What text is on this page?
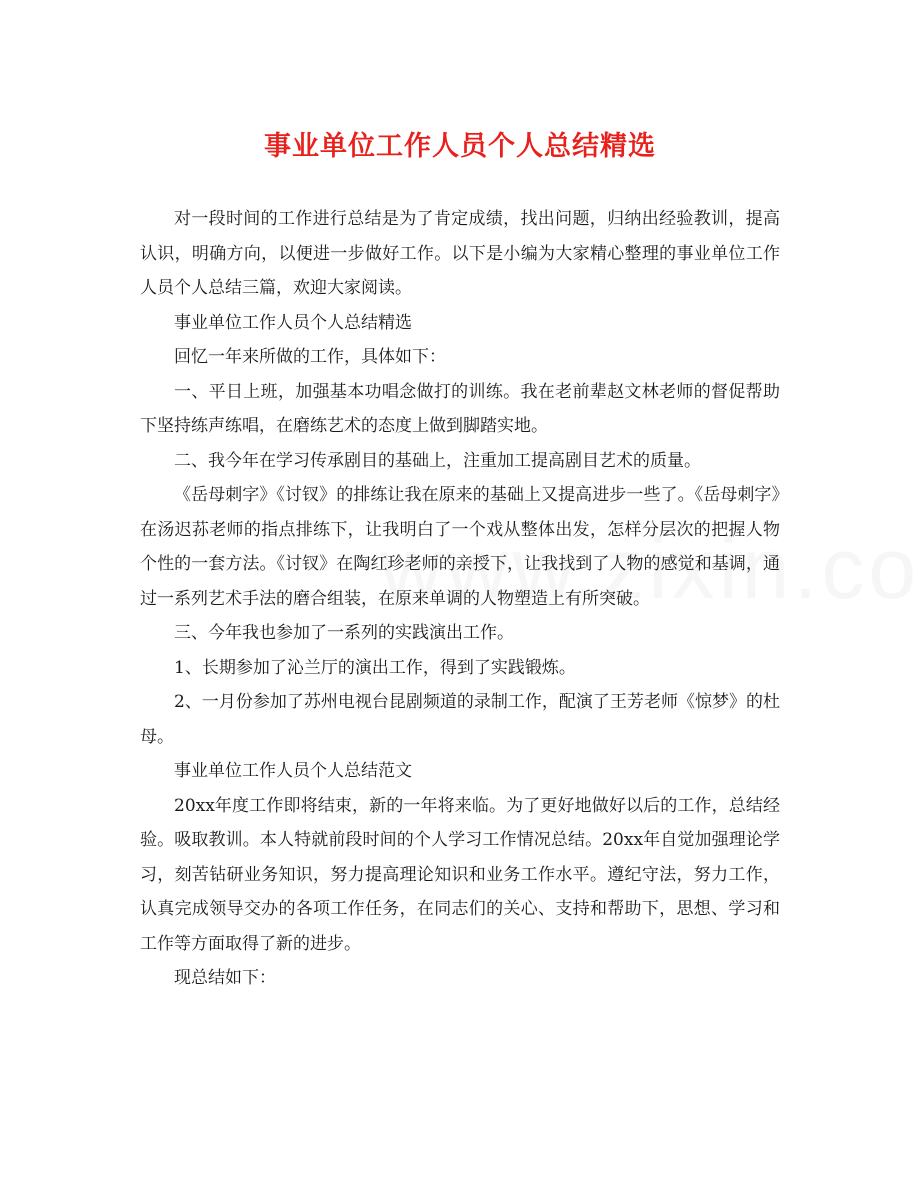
事业单位工作人员个人总结精选

对一段时间的工作进行总结是为了肯定成绩，找出问题，归纳出经验教训，提高认识，明确方向，以便进一步做好工作。以下是小编为大家精心整理的事业单位工作人员个人总结三篇，欢迎大家阅读。

事业单位工作人员个人总结精选

回忆一年来所做的工作，具体如下：

一、平日上班，加强基本功唱念做打的训练。我在老前辈赵文林老师的督促帮助下坚持练声练唱，在磨练艺术的态度上做到脚踏实地。

二、我今年在学习传承剧目的基础上，注重加工提高剧目艺术的质量。

《岳母刺字》《讨钗》的排练让我在原来的基础上又提高进步一些了。《岳母刺字》在汤迟荪老师的指点排练下，让我明白了一个戏从整体出发，怎样分层次的把握人物个性的一套方法。《讨钗》在陶红珍老师的亲授下，让我找到了人物的感觉和基调，通过一系列艺术手法的磨合组装，在原来单调的人物塑造上有所突破。

三、今年我也参加了一系列的实践演出工作。

1、长期参加了沁兰厅的演出工作，得到了实践锻炼。

2、一月份参加了苏州电视台昆剧频道的录制工作，配演了王芳老师《惊梦》的杜母。

事业单位工作人员个人总结范文

20xx年度工作即将结束，新的一年将来临。为了更好地做好以后的工作，总结经验。吸取教训。本人特就前段时间的个人学习工作情况总结。20xx年自觉加强理论学习，刻苦钻研业务知识，努力提高理论知识和业务工作水平。遵纪守法，努力工作，认真完成领导交办的各项工作任务，在同志们的关心、支持和帮助下，思想、学习和工作等方面取得了新的进步。

现总结如下：
